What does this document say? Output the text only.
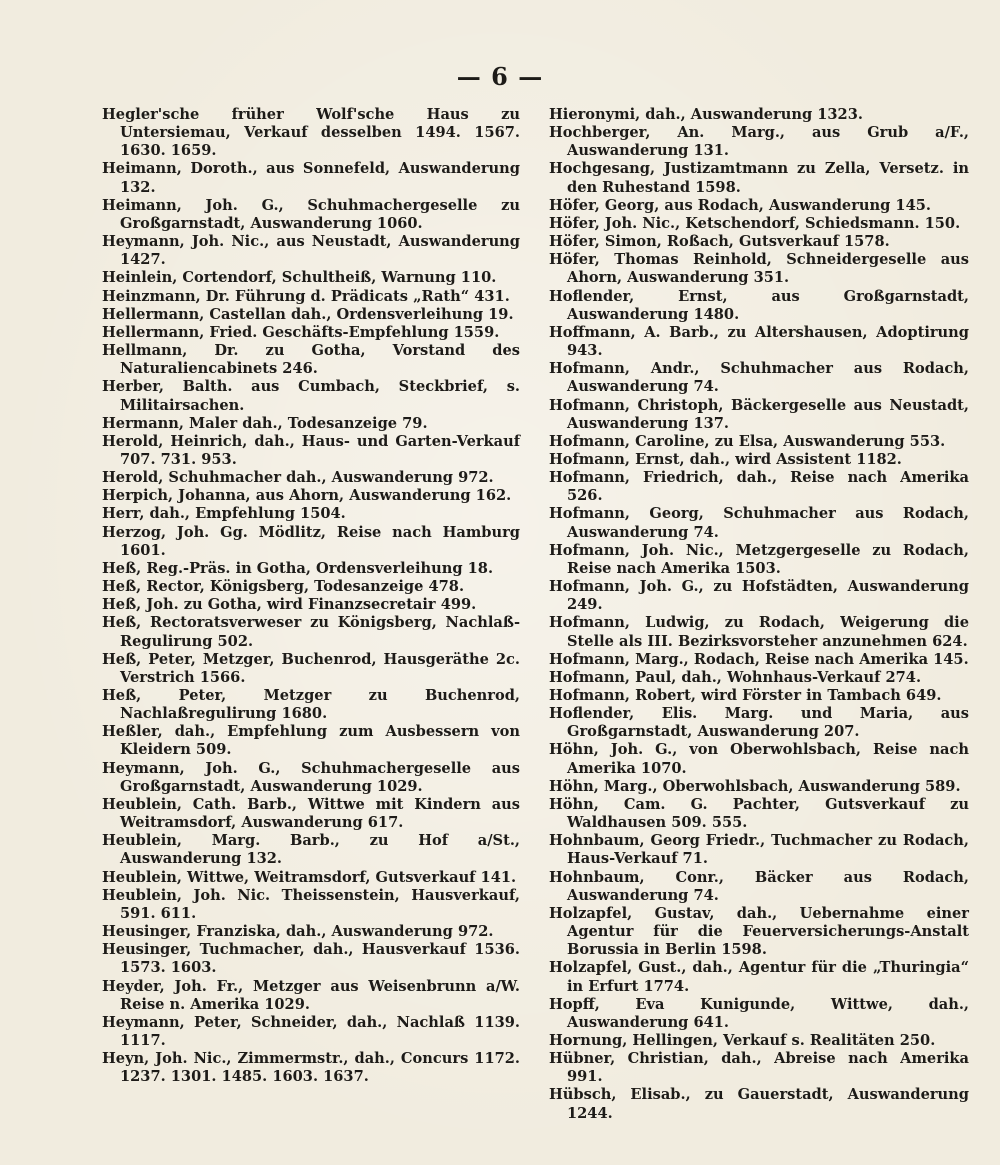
— 6 —

Hegler'sche früher Wolf'sche Haus zu Untersiemau, Verkauf desselben 1494. 1567. 1630. 1659.

Heimann, Doroth., aus Sonnefeld, Auswanderung 132.

Heimann, Joh. G., Schuhmachergeselle zu Großgarnstadt, Auswanderung 1060.

Heymann, Joh. Nic., aus Neustadt, Auswanderung 1427.

Heinlein, Cortendorf, Schultheiß, Warnung 110.

Heinzmann, Dr. Führung d. Prädicats „Rath“ 431.

Hellermann, Castellan dah., Ordensverleihung 19.

Hellermann, Fried. Geschäfts-Empfehlung 1559.

Hellmann, Dr. zu Gotha, Vorstand des Naturaliencabinets 246.

Herber, Balth. aus Cumbach, Steckbrief, s. Militairsachen.

Hermann, Maler dah., Todesanzeige 79.

Herold, Heinrich, dah., Haus- und Garten-Verkauf 707. 731. 953.

Herold, Schuhmacher dah., Auswanderung 972.

Herpich, Johanna, aus Ahorn, Auswanderung 162.

Herr, dah., Empfehlung 1504.

Herzog, Joh. Gg. Mödlitz, Reise nach Hamburg 1601.

Heß, Reg.-Präs. in Gotha, Ordensverleihung 18.

Heß, Rector, Königsberg, Todesanzeige 478.

Heß, Joh. zu Gotha, wird Finanzsecretair 499.

Heß, Rectoratsverweser zu Königsberg, Nachlaß-Regulirung 502.

Heß, Peter, Metzger, Buchenrod, Hausgeräthe 2c. Verstrich 1566.

Heß, Peter, Metzger zu Buchenrod, Nachlaßregulirung 1680.

Heßler, dah., Empfehlung zum Ausbessern von Kleidern 509.

Heymann, Joh. G., Schuhmachergeselle aus Großgarnstadt, Auswanderung 1029.

Heublein, Cath. Barb., Wittwe mit Kindern aus Weitramsdorf, Auswanderung 617.

Heublein, Marg. Barb., zu Hof a/St., Auswanderung 132.

Heublein, Wittwe, Weitramsdorf, Gutsverkauf 141.

Heublein, Joh. Nic. Theissenstein, Hausverkauf, 591. 611.

Heusinger, Franziska, dah., Auswanderung 972.

Heusinger, Tuchmacher, dah., Hausverkauf 1536. 1573. 1603.

Heyder, Joh. Fr., Metzger aus Weisenbrunn a/W. Reise n. Amerika 1029.

Heymann, Peter, Schneider, dah., Nachlaß 1139. 1117.

Heyn, Joh. Nic., Zimmermstr., dah., Concurs 1172. 1237. 1301. 1485. 1603. 1637.

Hieronymi, dah., Auswanderung 1323.

Hochberger, An. Marg., aus Grub a/F., Auswanderung 131.

Hochgesang, Justizamtmann zu Zella, Versetz. in den Ruhestand 1598.

Höfer, Georg, aus Rodach, Auswanderung 145.

Höfer, Joh. Nic., Ketschendorf, Schiedsmann. 150.

Höfer, Simon, Roßach, Gutsverkauf 1578.

Höfer, Thomas Reinhold, Schneidergeselle aus Ahorn, Auswanderung 351.

Hoflender, Ernst, aus Großgarnstadt, Auswanderung 1480.

Hoffmann, A. Barb., zu Altershausen, Adoptirung 943.

Hofmann, Andr., Schuhmacher aus Rodach, Auswanderung 74.

Hofmann, Christoph, Bäckergeselle aus Neustadt, Auswanderung 137.

Hofmann, Caroline, zu Elsa, Auswanderung 553.

Hofmann, Ernst, dah., wird Assistent 1182.

Hofmann, Friedrich, dah., Reise nach Amerika 526.

Hofmann, Georg, Schuhmacher aus Rodach, Auswanderung 74.

Hofmann, Joh. Nic., Metzgergeselle zu Rodach, Reise nach Amerika 1503.

Hofmann, Joh. G., zu Hofstädten, Auswanderung 249.

Hofmann, Ludwig, zu Rodach, Weigerung die Stelle als III. Bezirksvorsteher anzunehmen 624.

Hofmann, Marg., Rodach, Reise nach Amerika 145.

Hofmann, Paul, dah., Wohnhaus-Verkauf 274.

Hofmann, Robert, wird Förster in Tambach 649.

Hoflender, Elis. Marg. und Maria, aus Großgarnstadt, Auswanderung 207.

Höhn, Joh. G., von Oberwohlsbach, Reise nach Amerika 1070.

Höhn, Marg., Oberwohlsbach, Auswanderung 589.

Höhn, Cam. G. Pachter, Gutsverkauf zu Waldhausen 509. 555.

Hohnbaum, Georg Friedr., Tuchmacher zu Rodach, Haus-Verkauf 71.

Hohnbaum, Conr., Bäcker aus Rodach, Auswanderung 74.

Holzapfel, Gustav, dah., Uebernahme einer Agentur für die Feuerversicherungs-Anstalt Borussia in Berlin 1598.

Holzapfel, Gust., dah., Agentur für die „Thuringia“ in Erfurt 1774.

Hopff, Eva Kunigunde, Wittwe, dah., Auswanderung 641.

Hornung, Hellingen, Verkauf s. Realitäten 250.

Hübner, Christian, dah., Abreise nach Amerika 991.

Hübsch, Elisab., zu Gauerstadt, Auswanderung 1244.
